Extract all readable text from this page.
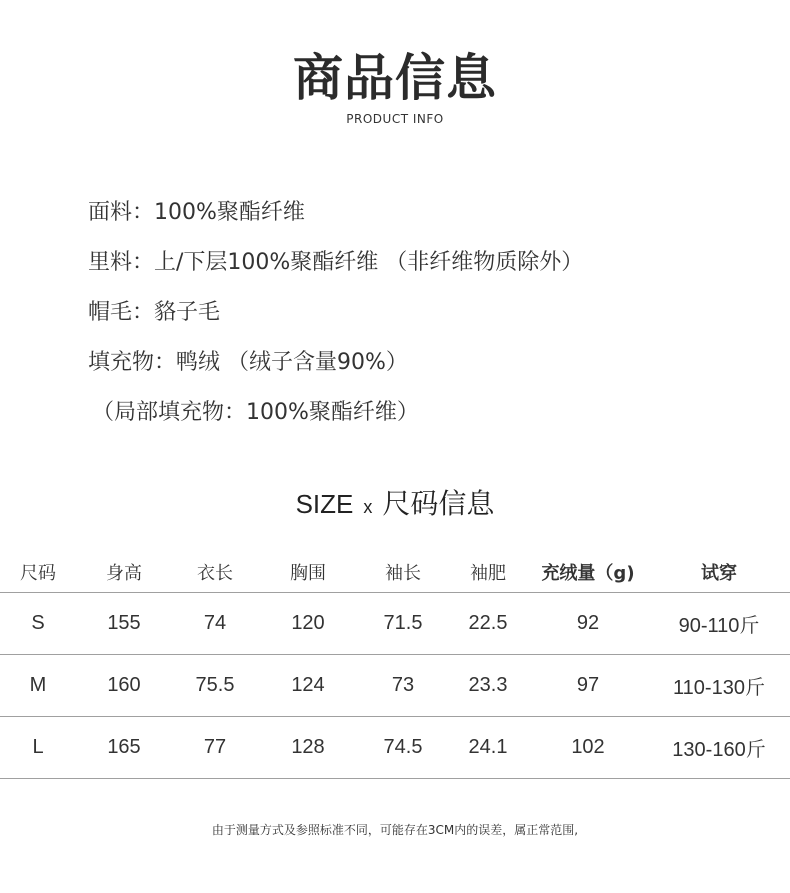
商品信息
PRODUCT INFO
面料：100%聚酯纤维
里料：上/下层100%聚酯纤维 （非纤维物质除外）
帽毛：貉子毛
填充物：鸭绒 （绒子含量90%）
（局部填充物：100%聚酯纤维）
SIZE x 尺码信息
尺码	身高	衣长	胸围	袖长	袖肥	充绒量（g)	试穿
S	155	74	120	71.5	22.5	92	90-110斤
M	160	75.5	124	73	23.3	97	110-130斤
L	165	77	128	74.5	24.1	102	130-160斤
由于测量方式及参照标准不同，可能存在3CM内的误差，属正常范围,
